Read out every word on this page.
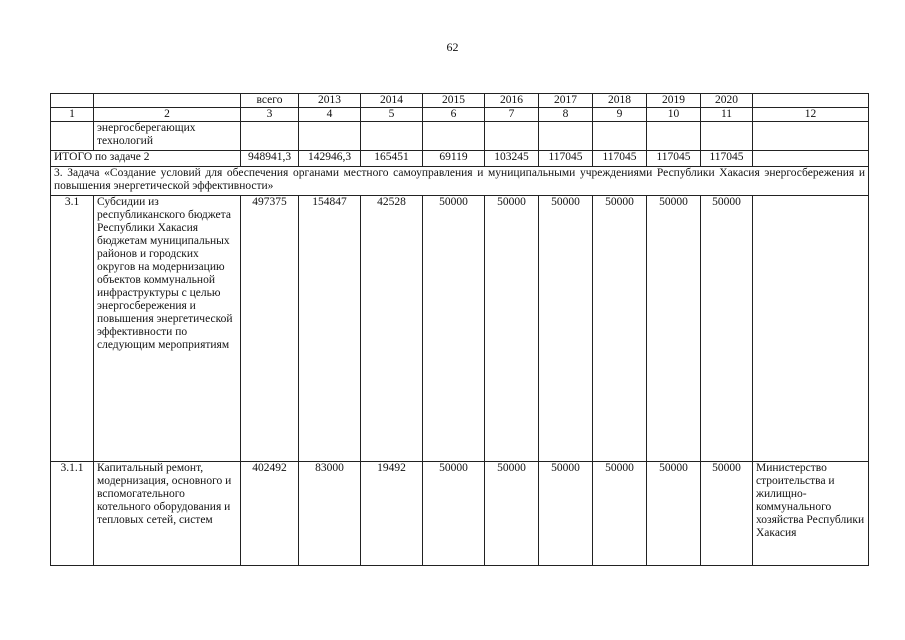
62
		всего	2013	2014	2015	2016	2017	2018	2019	2020	
1	2	3	4	5	6	7	8	9	10	11	12
	энергосберегающих технологий										
ИТОГО по задаче 2		948941,3	142946,3	165451	69119	103245	117045	117045	117045	117045	
3. Задача «Создание условий для обеспечения органами местного самоуправления и муниципальными учреждениями Республики Хакасия энергосбережения и повышения энергетической эффективности»											
3.1	Субсидии из республиканского бюджета Республики Хакасия бюджетам муниципальных районов и городских округов на модернизацию объектов коммунальной инфраструктуры с целью энергосбережения и повышения энергетической эффективности по следующим мероприятиям	497375	154847	42528	50000	50000	50000	50000	50000	50000	
3.1.1	Капитальный ремонт, модернизация, основного и вспомогательного котельного оборудования и тепловых сетей, систем	402492	83000	19492	50000	50000	50000	50000	50000	50000	Министерство строительства и жилищно-коммунального хозяйства Республики Хакасия
